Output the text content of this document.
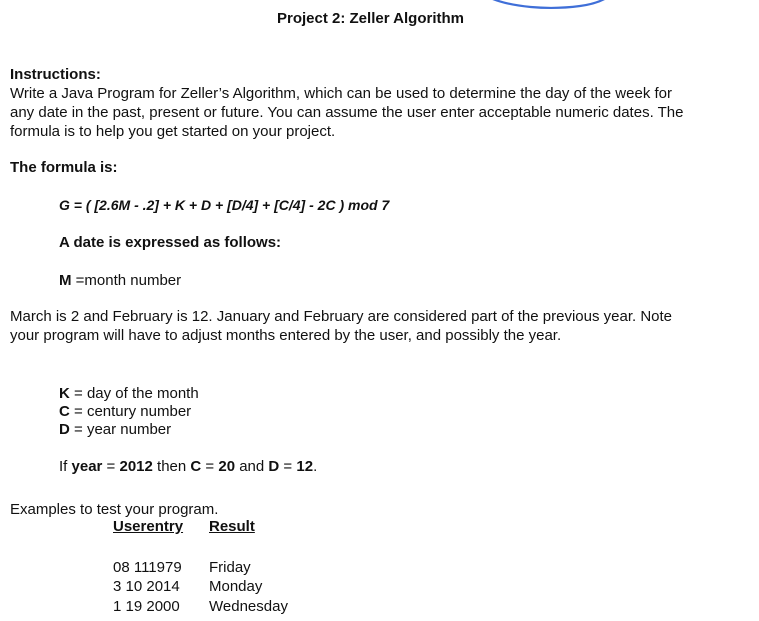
Project 2: Zeller Algorithm
Instructions:
Write a Java Program for Zeller’s Algorithm, which can be used to determine the day of the week for
any date in the past, present or future. You can assume the user enter acceptable numeric dates. The
formula is to help you get started on your project.
The formula is:
G = ( [2.6M - .2] + K + D + [D/4] + [C/4] - 2C ) mod 7
A date is expressed as follows:
M =month number
March is 2 and February is 12. January and February are considered part of the previous year. Note
your program will have to adjust months entered by the user, and possibly the year.
K = day of the month
C = century number
D = year number
If year = 2012 then C = 20 and D = 12.
Examples to test your program.
Userentry Result
08 111979 Friday
3 10 2014 Monday
1 19 2000 Wednesday
